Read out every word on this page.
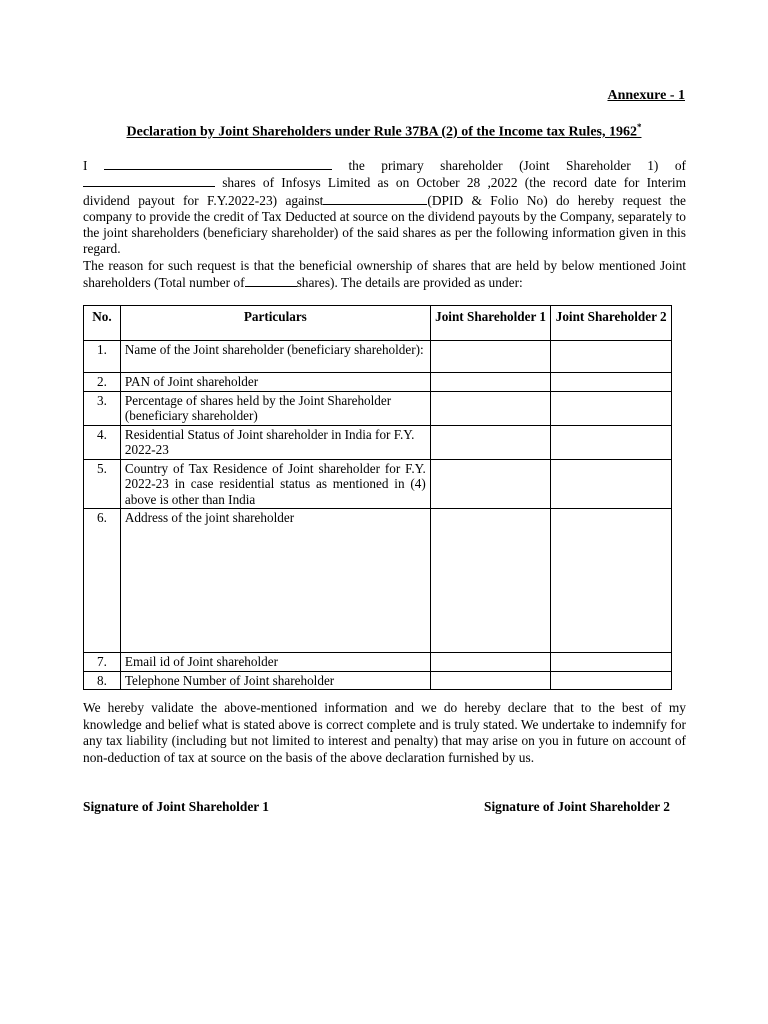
Annexure - 1
Declaration by Joint Shareholders under Rule 37BA (2) of the Income tax Rules, 1962*
I	the primary shareholder (Joint Shareholder 1) of
shares of Infosys Limited as on October 28 ,2022 (the record date for Interim
dividend payout for F.Y.2022-23) against	(DPID & Folio No) do hereby request the
company to provide the credit of Tax Deducted at source on the dividend payouts by the Company, separately to the joint shareholders (beneficiary shareholder) of the said shares as per the following information given in this regard.
The reason for such request is that the beneficial ownership of shares that are held by below mentioned Joint shareholders (Total number of	shares). The details are provided as under:
No.	Particulars	Joint Shareholder 1	Joint Shareholder 2
1.	Name of the Joint shareholder (beneficiary shareholder):		
2.	PAN of Joint shareholder		
3.	Percentage of shares held by the Joint Shareholder (beneficiary shareholder)		
4.	Residential Status of Joint shareholder in India for F.Y. 2022-23		
5.	Country of Tax Residence of Joint shareholder for F.Y. 2022-23 in case residential status as mentioned in (4) above is other than India		
6.	Address of the joint shareholder		
7.	Email id of Joint shareholder		
8.	Telephone Number of Joint shareholder		
We hereby validate the above-mentioned information and we do hereby declare that to the best of my knowledge and belief what is stated above is correct complete and is truly stated. We undertake to indemnify for any tax liability (including but not limited to interest and penalty) that may arise on you in future on account of non-deduction of tax at source on the basis of the above declaration furnished by us.
Signature of Joint Shareholder 1	Signature of Joint Shareholder 2
